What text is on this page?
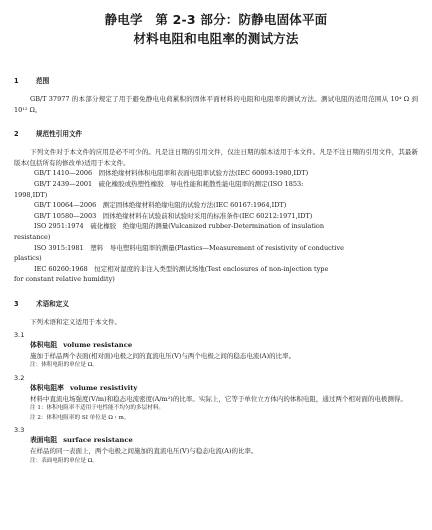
静电学　第 2-3 部分：防静电固体平面
材料电阻和电阻率的测试方法
1	范围
GB/T 37977 的本部分规定了用于避免静电电荷累积的固体平面材料的电阻和电阻率的测试方法。测试电阻的适用范围从 10⁴ Ω 到 10¹² Ω。
2	规范性引用文件
下列文件对于本文件的应用是必不可少的。凡是注日期的引用文件，仅注日期的版本适用于本文件。凡是不注日期的引用文件，其最新版本(包括所有的修改单)适用于本文件。
GB/T 1410—2006　固体绝缘材料体积电阻率和表面电阻率试验方法(IEC 60093:1980,IDT)
GB/T 2439—2001　硫化橡胶或热塑性橡胶　导电性能和耗散性能电阻率的测定(ISO 1853:
1998,IDT)
GB/T 10064—2006　测定固体绝缘材料绝缘电阻的试验方法(IEC 60167:1964,IDT)
GB/T 10580—2003　固体绝缘材料在试验前和试验时采用的标准条件(IEC 60212:1971,IDT)
ISO 2951:1974　硫化橡胶　绝缘电阻的测量(Vulcanized rubber-Determination of insulation
resistance)
ISO 3915:1981　塑料　导电塑料电阻率的测量(Plastics—Measurement of resistivity of conductive
plastics)
IEC 60260:1968　恒定相对湿度的非注入类型的测试场地(Test enclosures of non-injection type
for constant relative humidity)
3	术语和定义
下列术语和定义适用于本文件。
3.1
体积电阻 volume resistance
施加于样品两个表面(相对面)电极之间的直流电压(V)与两个电极之间的稳态电流(A)的比率。
注：体积电阻的单位是 Ω。
3.2
体积电阻率 volume resistivity
材料中直流电场强度(V/m)和稳态电流密度(A/m²)的比率。实际上，它等于单位立方体内的体积电阻，通过两个相对面的电极测得。
注 1：体积电阻率不适用于电性能不均匀的多层材料。
注 2：体积电阻率的 SI 单位是 Ω・m。
3.3
表面电阻 surface resistance
在样品的同一表面上，两个电极之间施加的直流电压(V)与稳态电流(A)的比率。
注：表面电阻的单位是 Ω。
